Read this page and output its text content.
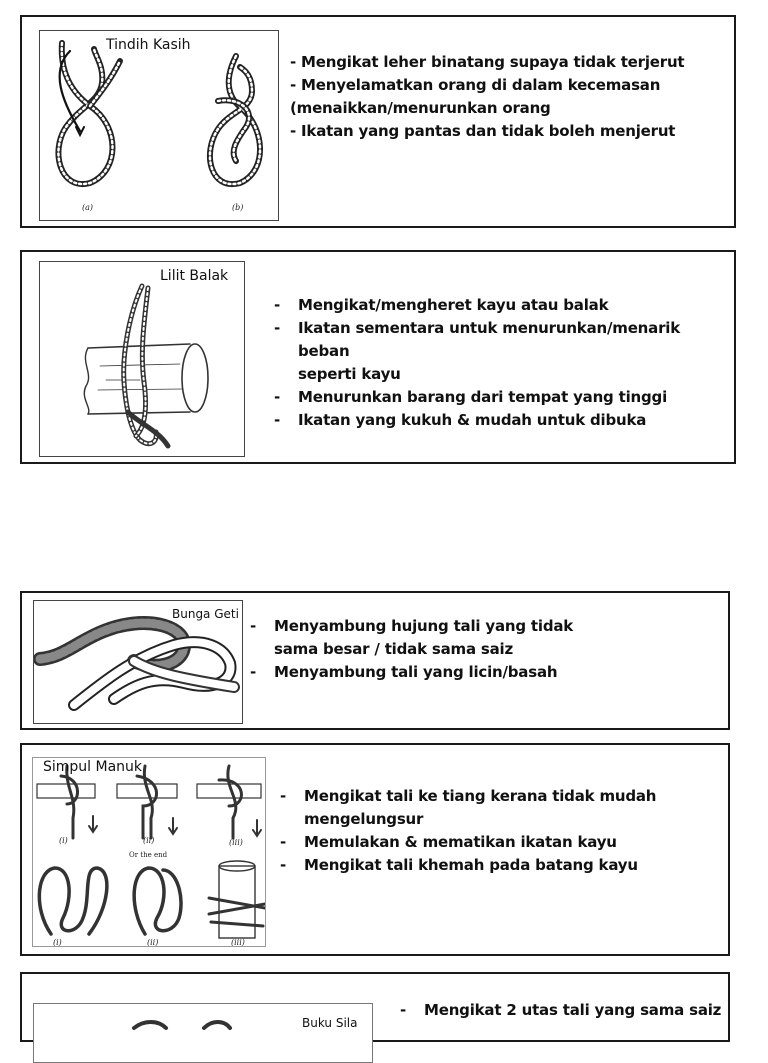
Tindih Kasih
(a)	(b)
- Mengikat leher binatang supaya tidak terjerut
- Menyelamatkan orang di dalam kecemasan
(menaikkan/menurunkan orang
- Ikatan yang pantas dan tidak boleh menjerut
Lilit Balak
- Mengikat/mengheret kayu atau balak
- Ikatan sementara untuk menurunkan/menarik beban
seperti kayu
- Menurunkan barang dari tempat yang tinggi
- Ikatan yang kukuh & mudah untuk dibuka
Bunga Geti
- Menyambung hujung tali yang tidak
sama besar / tidak sama saiz
- Menyambung tali yang licin/basah
Simpul Manuk
Or the end
(i)	(ii)	(iii)
(i)	(ii)	(iii)
- Mengikat tali ke tiang kerana tidak mudah
mengelungsur
- Memulakan & mematikan ikatan kayu
- Mengikat tali khemah pada batang kayu
Buku Sila
- Mengikat 2 utas tali yang sama saiz
